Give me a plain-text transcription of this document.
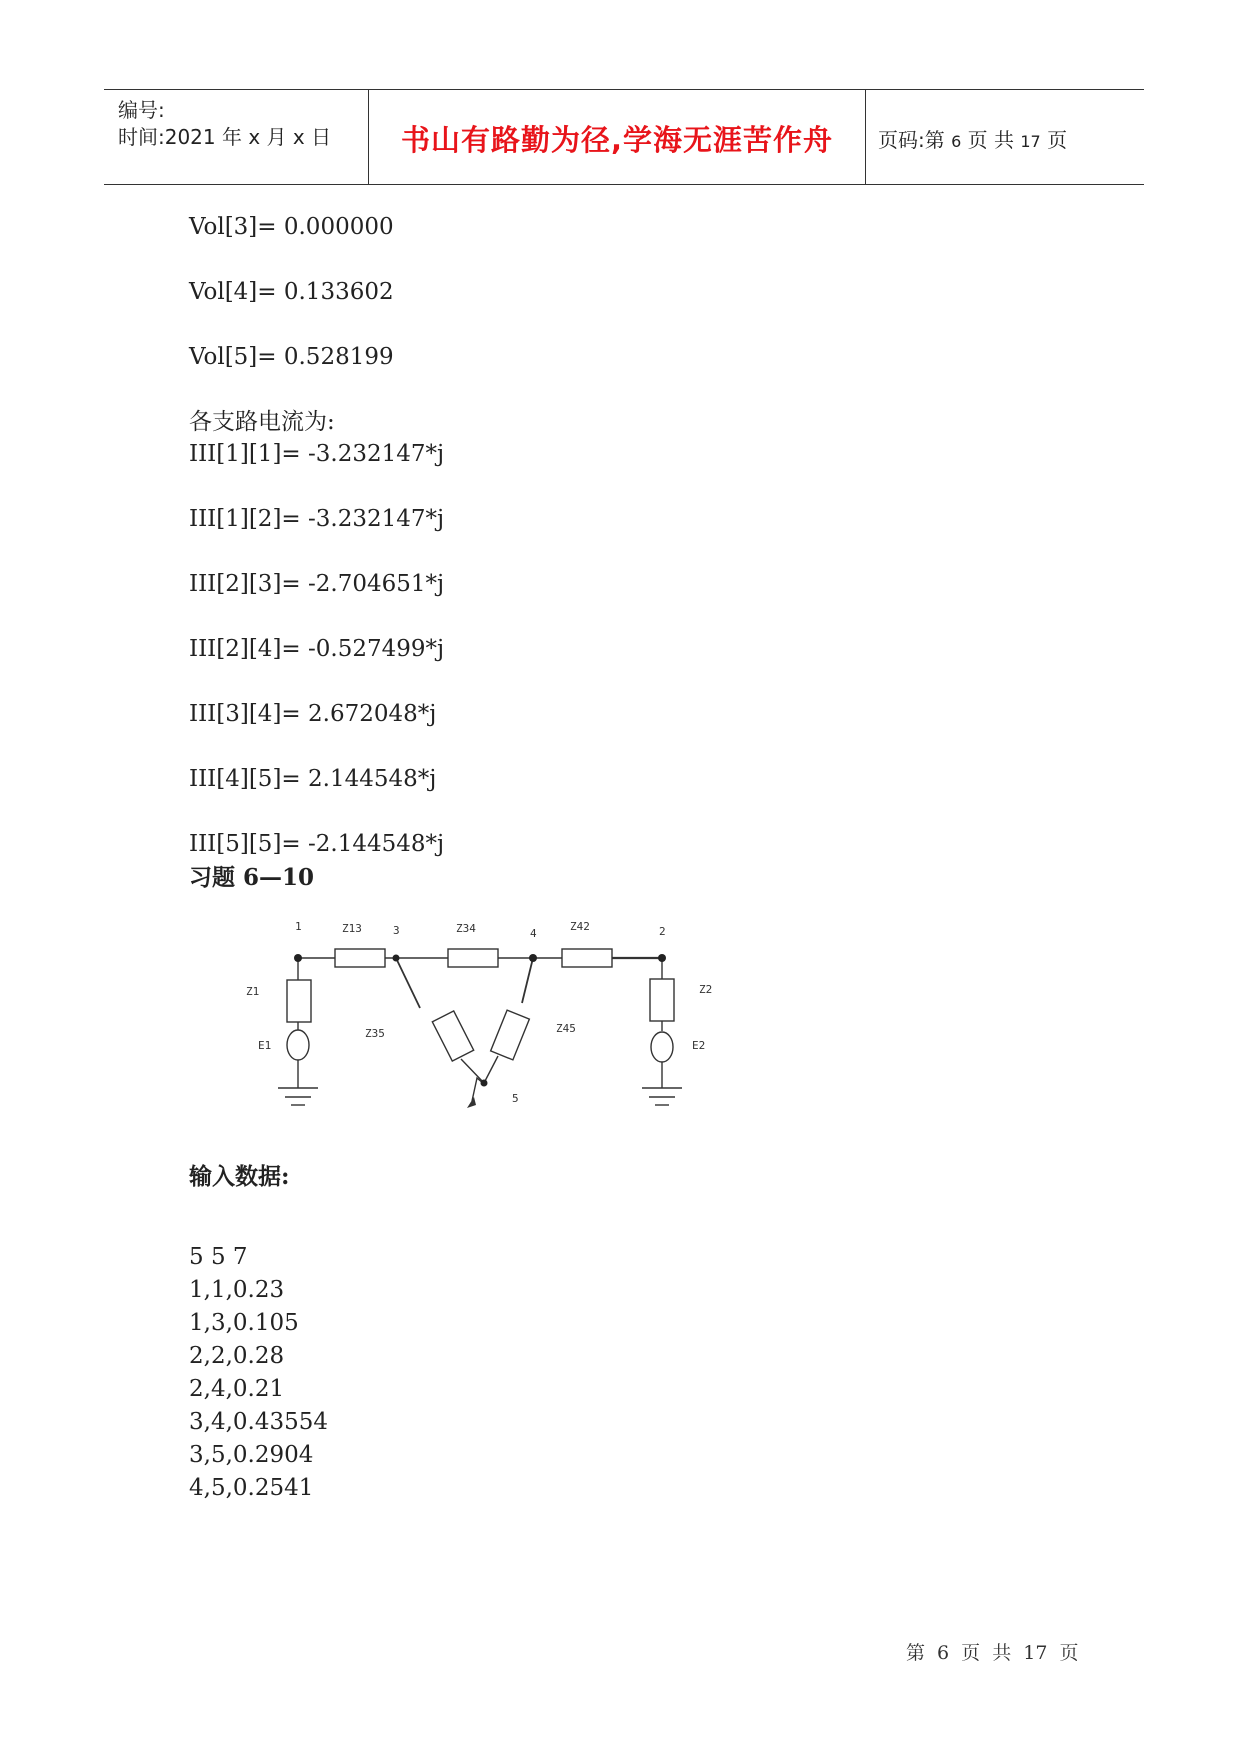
编号:
时间:2021 年 x 月 x 日	书山有路勤为径,学海无涯苦作舟	页码:第 6 页 共 17 页
Vol[3]= 0.000000
Vol[4]= 0.133602
Vol[5]= 0.528199
各支路电流为:
III[1][1]= -3.232147*j
III[1][2]= -3.232147*j
III[2][3]= -2.704651*j
III[2][4]= -0.527499*j
III[3][4]= 2.672048*j
III[4][5]= 2.144548*j
III[5][5]= -2.144548*j
习题 6—10
1	3	4	2
5
Z13	Z34	Z42
Z1	Z2
Z35	Z45
E1	E2
输入数据:
5 5 7
1,1,0.23
1,3,0.105
2,2,0.28
2,4,0.21
3,4,0.43554
3,5,0.2904
4,5,0.2541
第 6 页 共 17 页
